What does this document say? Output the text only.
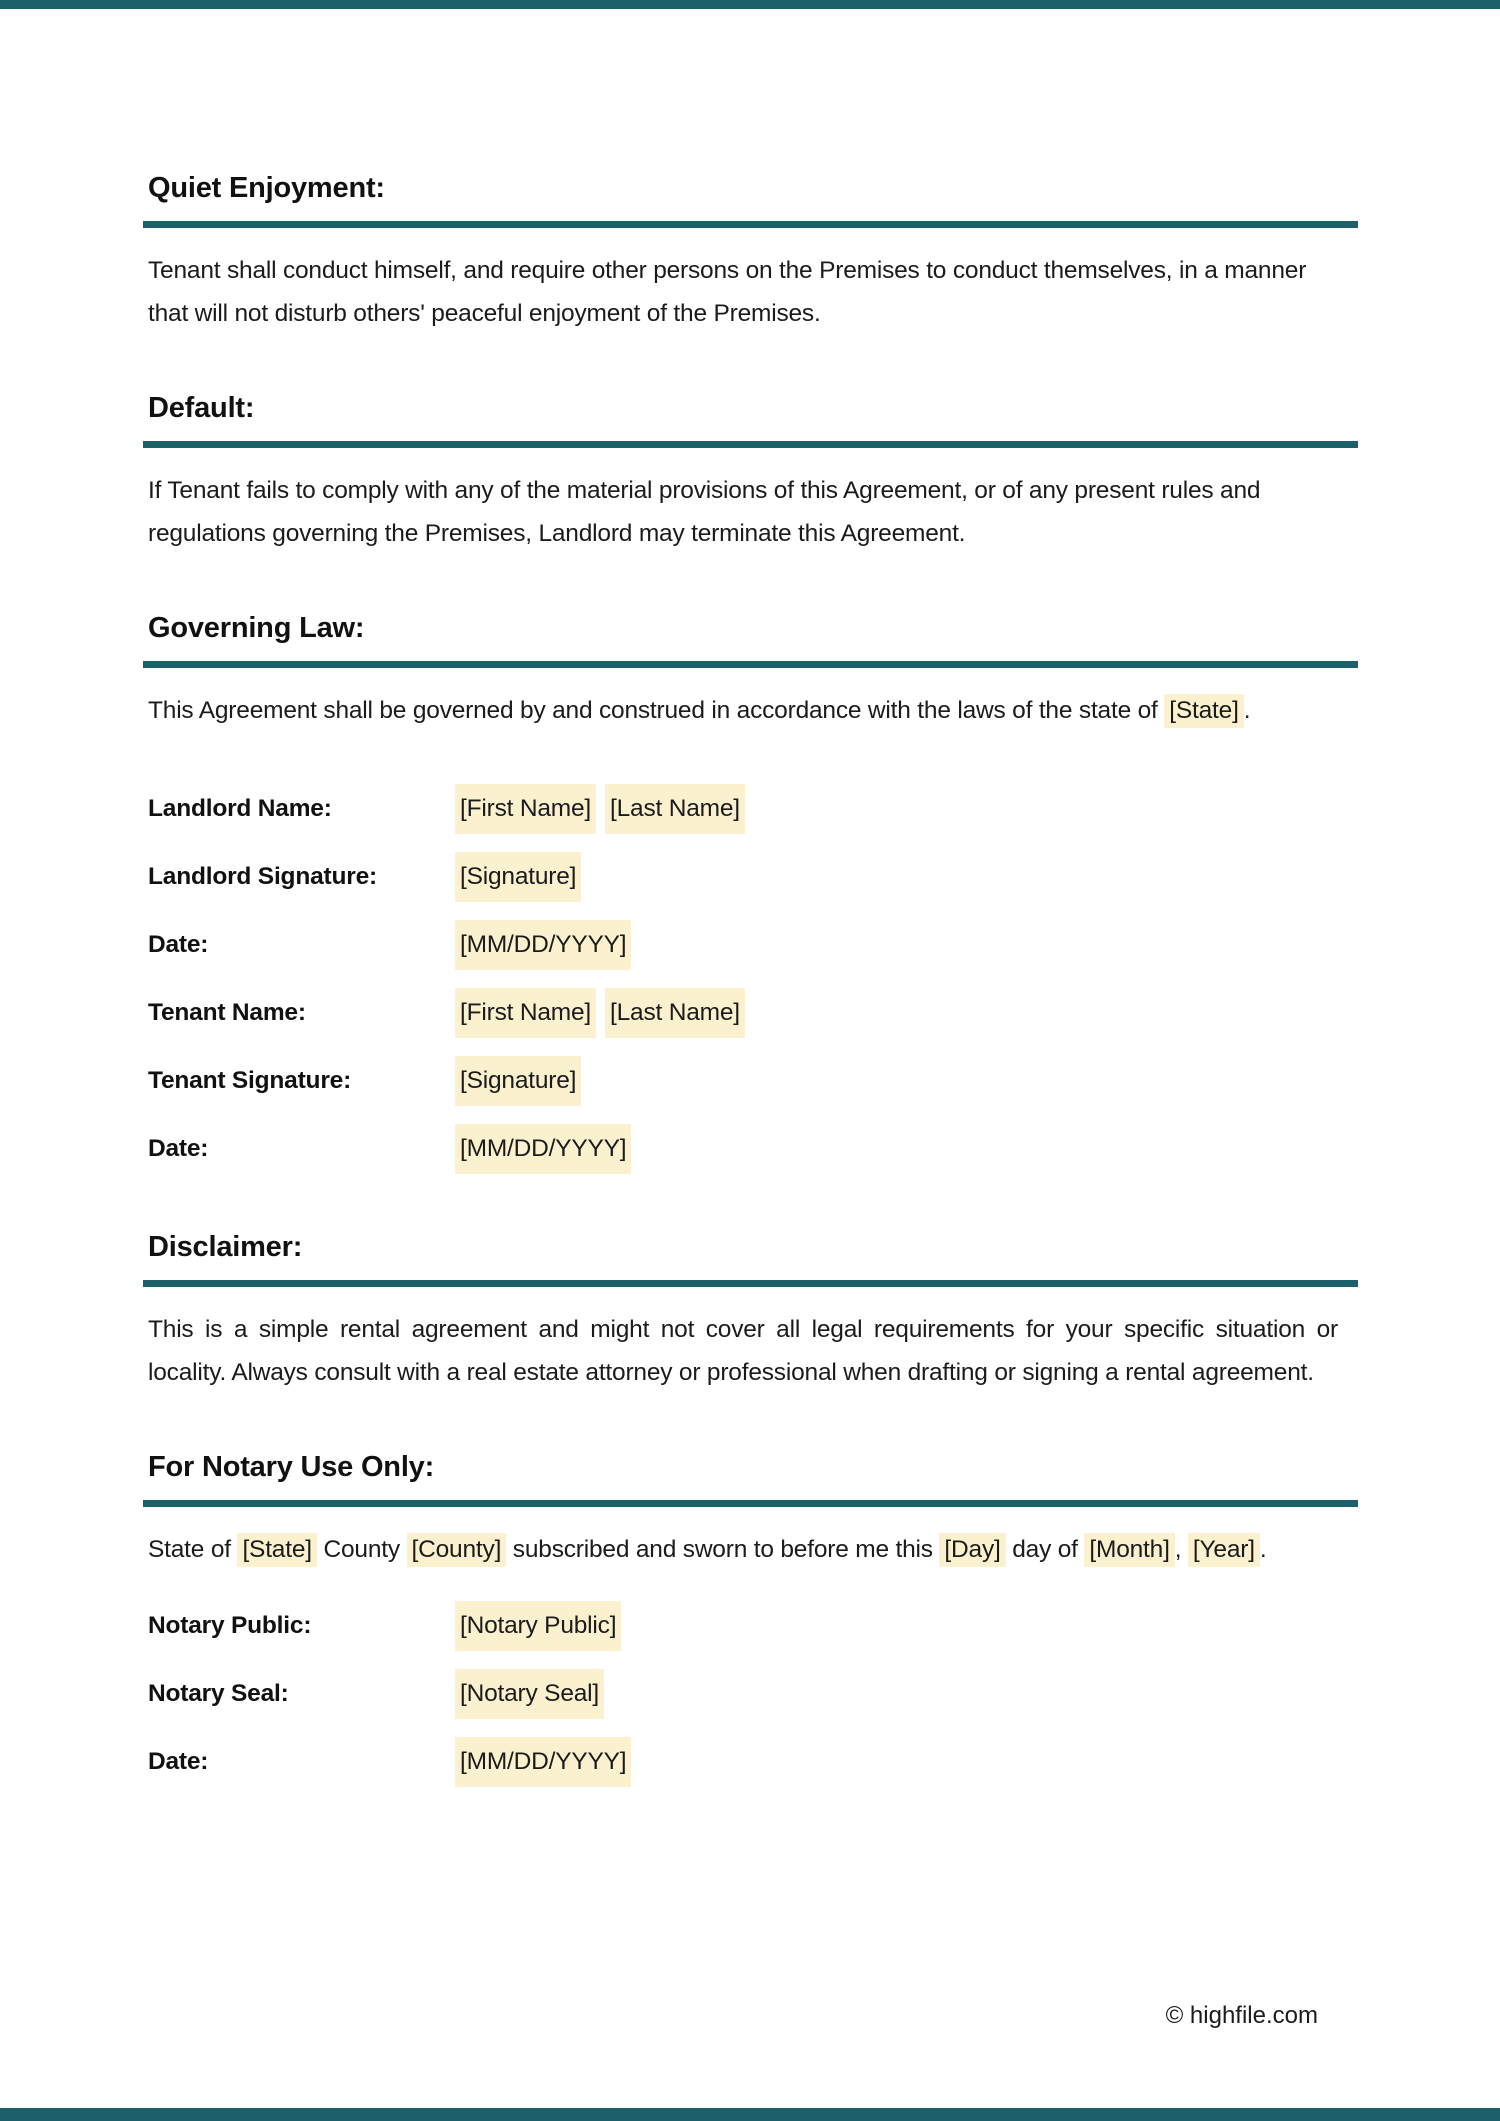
Quiet Enjoyment:

Tenant shall conduct himself, and require other persons on the Premises to conduct themselves, in a manner that will not disturb others' peaceful enjoyment of the Premises.

Default:

If Tenant fails to comply with any of the material provisions of this Agreement, or of any present rules and regulations governing the Premises, Landlord may terminate this Agreement.

Governing Law:

This Agreement shall be governed by and construed in accordance with the laws of the state of [State] .

Landlord Name:	[First Name] [Last Name]
Landlord Signature:	[Signature]
Date:	[MM/DD/YYYY]
Tenant Name:	[First Name] [Last Name]
Tenant Signature:	[Signature]
Date:	[MM/DD/YYYY]
Disclaimer:

This is a simple rental agreement and might not cover all legal requirements for your specific situation or locality. Always consult with a real estate attorney or professional when drafting or signing a rental agreement.

For Notary Use Only:

State of [State] County [County] subscribed and sworn to before me this [Day] day of [Month] , [Year] .

Notary Public:	[Notary Public]
Notary Seal:	[Notary Seal]
Date:	[MM/DD/YYYY]
© highfile.com
